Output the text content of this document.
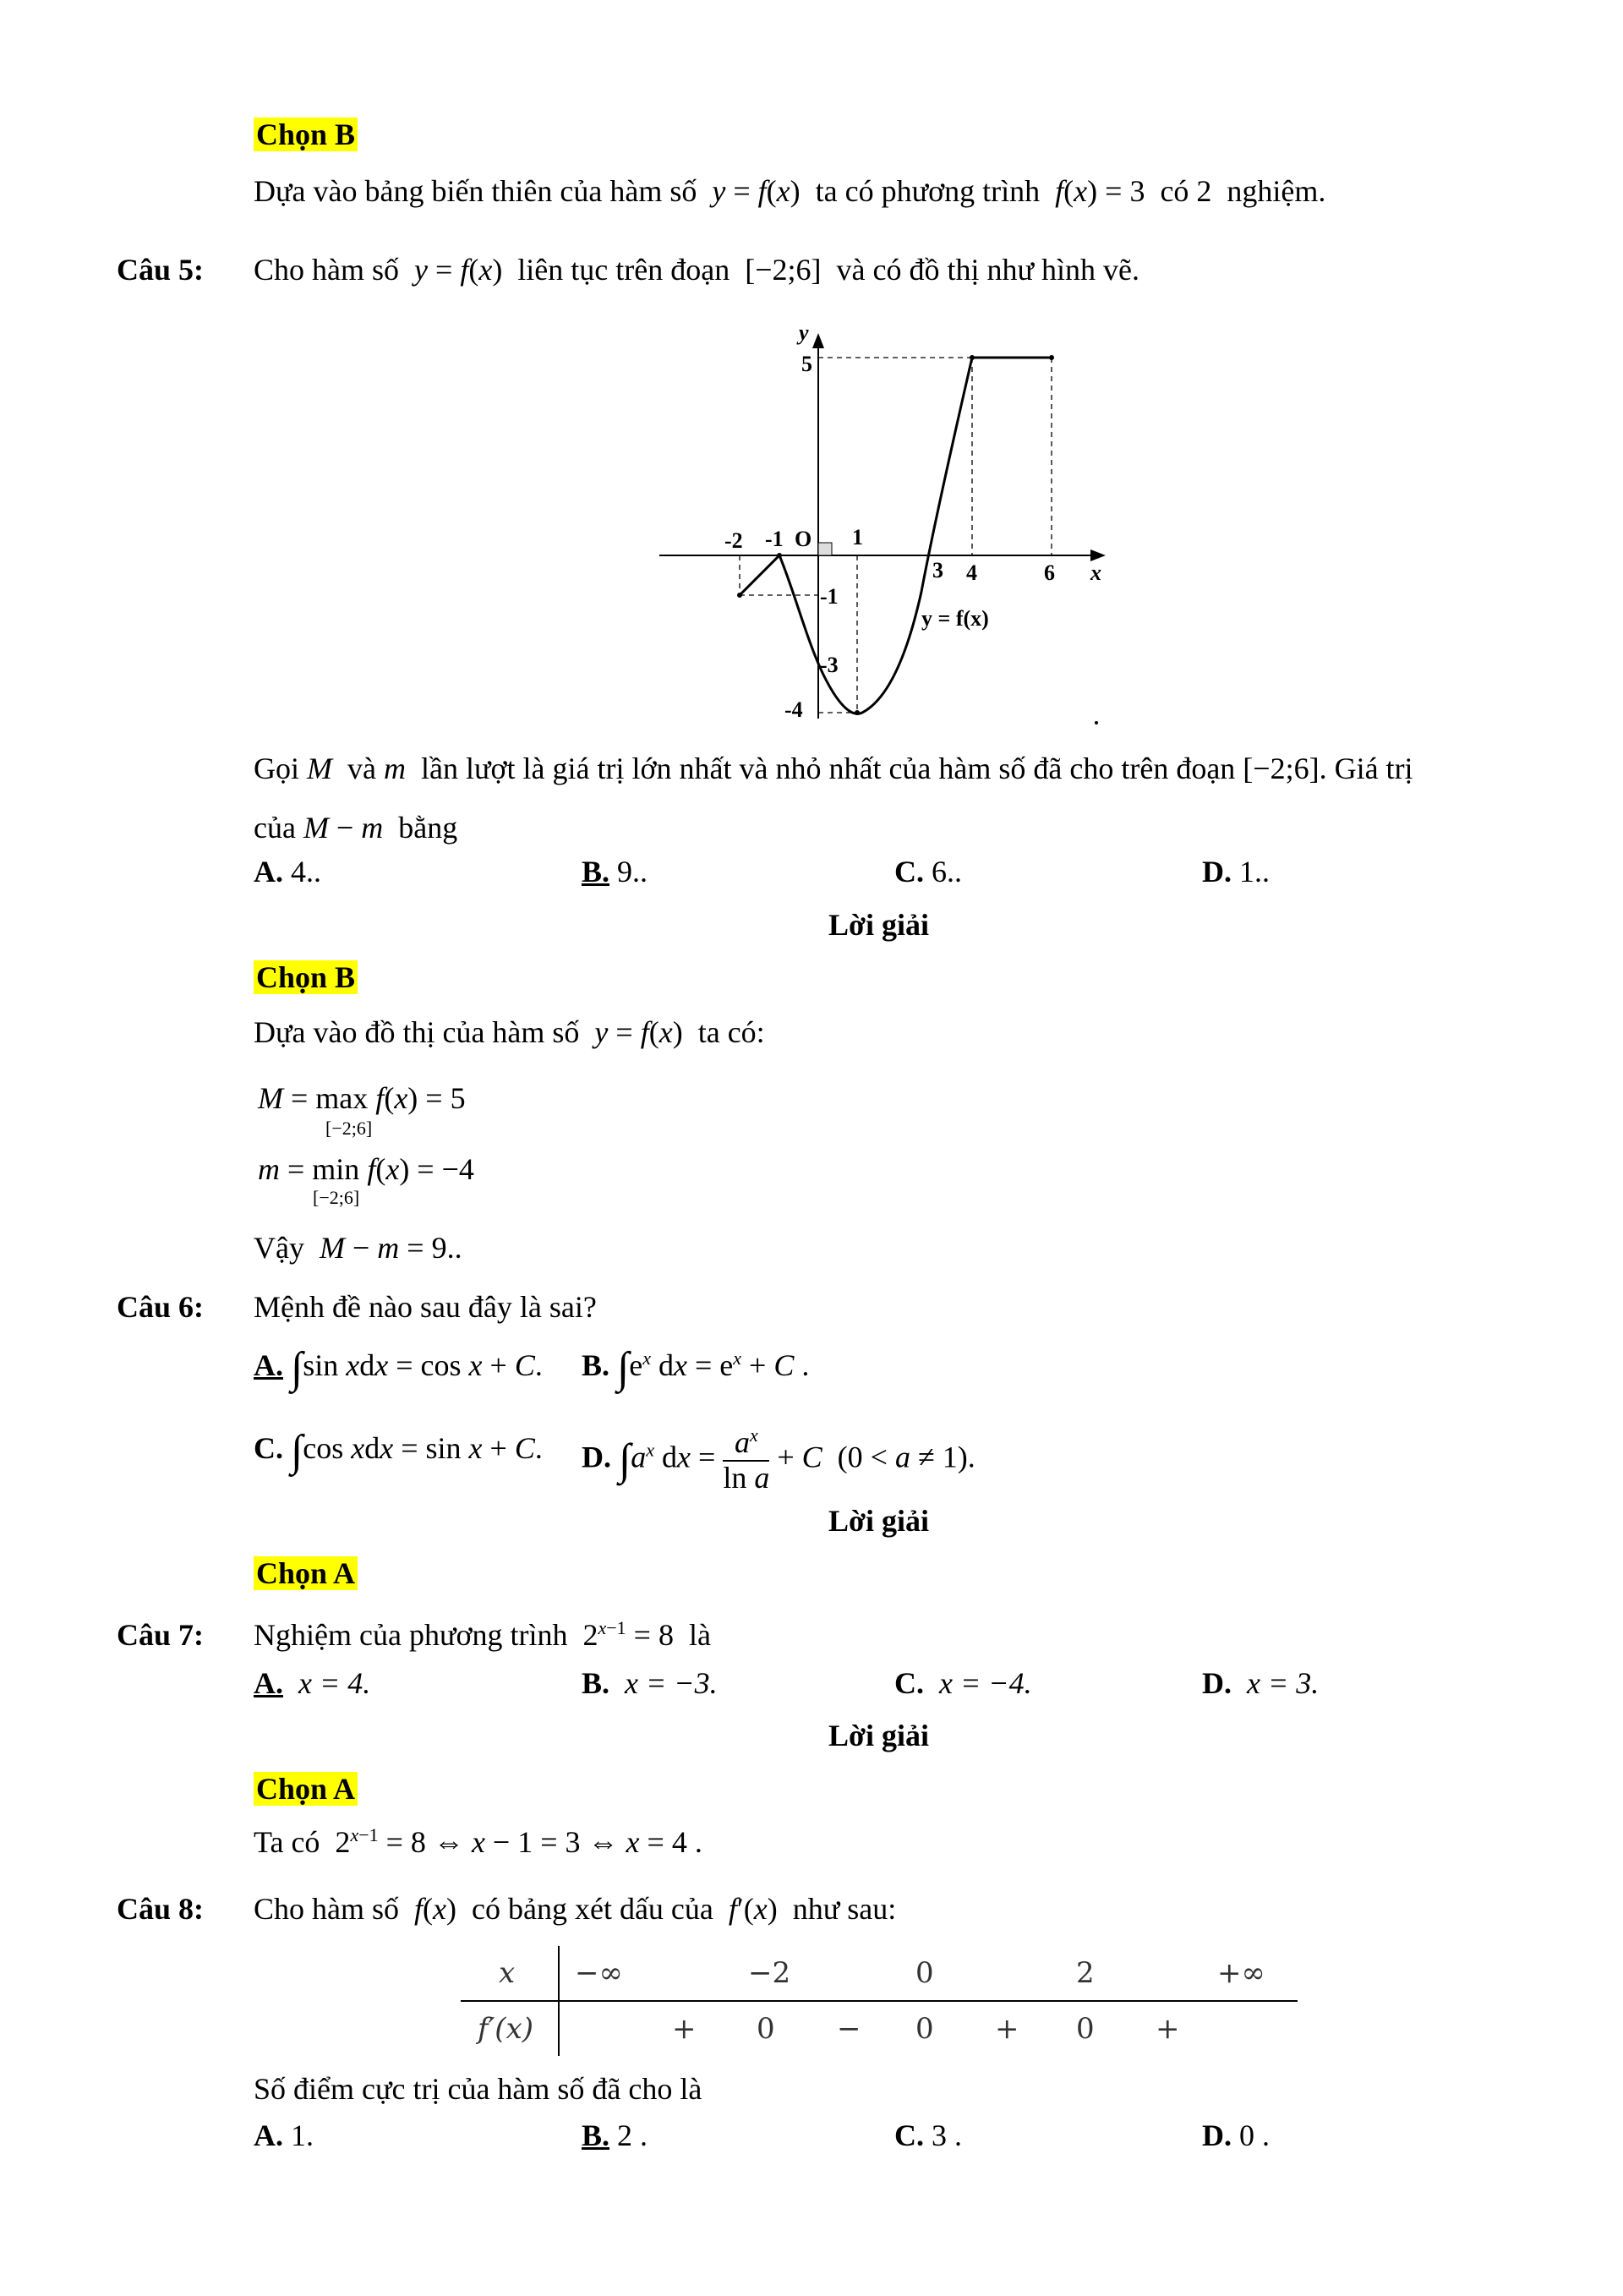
Chọn B
Dựa vào bảng biến thiên của hàm số  y = f(x)  ta có phương trình  f(x) = 3  có 2  nghiệm.
Câu 5: Cho hàm số  y = f(x)  liên tục trên đoạn  [−2;6]  và có đồ thị như hình vẽ.
y
x
5
-2 -1 O 1
3 4	6
-1
-3
-4
y = f(x)
Gọi M  và m  lần lượt là giá trị lớn nhất và nhỏ nhất của hàm số đã cho trên đoạn [−2;6]. Giá trị
của M − m  bằng
A. 4..	B. 9..	C. 6..	D. 1..
Lời giải
Chọn B
Dựa vào đồ thị của hàm số  y = f(x)  ta có:
M = max f(x) = 5
[−2;6]
m = min f(x) = −4
[−2;6]
Vậy  M − m = 9..
Câu 6: Mệnh đề nào sau đây là sai?
A. ∫sin xdx = cos x + C. B. $\int e^x$ dx = $e^x + C$ .
C. ∫cos xdx = sin x + C. D. $\int a^x$ dx = $\frac{a^x}{\text{ln a}} + C$  (0 < a ≠ 1).
Lời giải
Chọn A
Câu 7: Nghiệm của phương trình  $2^{x-1} = 8$  là
A. x = 4.	B. x = −3.	C. x = −4.	D. x = 3.
Lời giải
Chọn A
Ta có  $2^{x-1} = 8$ ⇔ x − 1 = 3 ⇔ x = 4 .
Câu 8: Cho hàm số  f(x)  có bảng xét dấu của  f′(x)  như sau:
x −∞	−2	0	2	+∞
f′(x)	+ 0 − 0 + 0 +
Số điểm cực trị của hàm số đã cho là
A. 1.	B. 2 .	C. 3 .	D. 0 .
